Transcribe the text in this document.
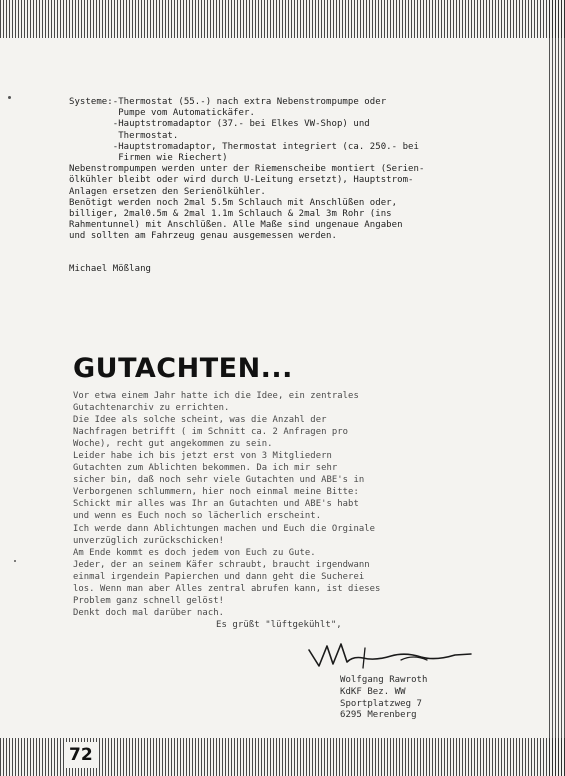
Systeme:-Thermostat (55.-) nach extra Nebenstrompumpe oder
Pumpe vom Automatickäfer.
-Hauptstromadaptor (37.- bei Elkes VW-Shop) und
Thermostat.
-Hauptstromadaptor, Thermostat integriert (ca. 250.- bei
Firmen wie Riechert)
Nebenstrompumpen werden unter der Riemenscheibe montiert (Serien-
ölkühler bleibt oder wird durch U-Leitung ersetzt), Hauptstrom-
Anlagen ersetzen den Serienölkühler.
Benötigt werden noch 2mal 5.5m Schlauch mit Anschlüßen oder,
billiger, 2mal0.5m & 2mal 1.1m Schlauch & 2mal 3m Rohr (ins
Rahmentunnel) mit Anschlüßen. Alle Maße sind ungenaue Angaben
und sollten am Fahrzeug genau ausgemessen werden.
Michael Mößlang
GUTACHTEN...
Vor etwa einem Jahr hatte ich die Idee, ein zentrales
Gutachtenarchiv zu errichten.
Die Idee als solche scheint, was die Anzahl der
Nachfragen betrifft ( im Schnitt ca. 2 Anfragen pro
Woche), recht gut angekommen zu sein.
Leider habe ich bis jetzt erst von 3 Mitgliedern
Gutachten zum Ablichten bekommen. Da ich mir sehr
sicher bin, daß noch sehr viele Gutachten und ABE's in
Verborgenen schlummern, hier noch einmal meine Bitte:
Schickt mir alles was Ihr an Gutachten und ABE's habt
und wenn es Euch noch so lächerlich erscheint.
Ich werde dann Ablichtungen machen und Euch die Orginale
unverzüglich zurückschicken!
Am Ende kommt es doch jedem von Euch zu Gute.
Jeder, der an seinem Käfer schraubt, braucht irgendwann
einmal irgendein Papierchen und dann geht die Sucherei
los. Wenn man aber Alles zentral abrufen kann, ist dieses
Problem ganz schnell gelöst!
Denkt doch mal darüber nach.
Es grüßt "lüftgekühlt",
Wolfgang Rawroth
KdKF Bez. WW
Sportplatzweg 7
6295 Merenberg
72
